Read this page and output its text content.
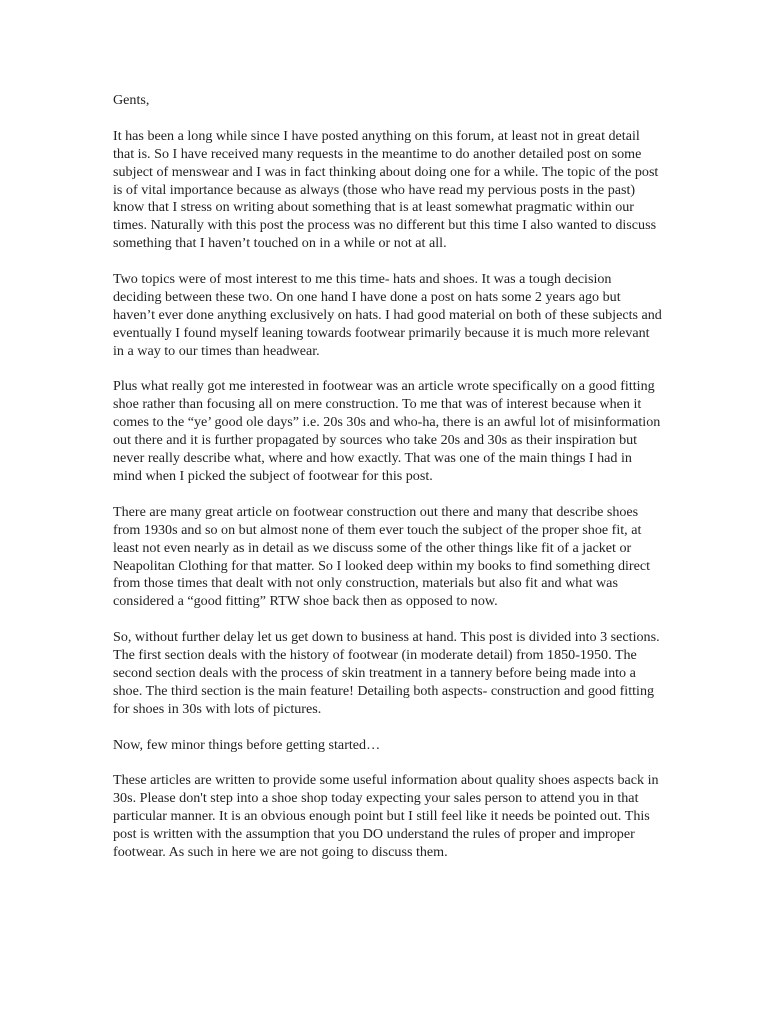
Gents,

It has been a long while since I have posted anything on this forum, at least not in great detail that is. So I have received many requests in the meantime to do another detailed post on some subject of menswear and I was in fact thinking about doing one for a while. The topic of the post is of vital importance because as always (those who have read my pervious posts in the past) know that I stress on writing about something that is at least somewhat pragmatic within our times. Naturally with this post the process was no different but this time I also wanted to discuss something that I haven’t touched on in a while or not at all.

Two topics were of most interest to me this time- hats and shoes. It was a tough decision deciding between these two. On one hand I have done a post on hats some 2 years ago but haven’t ever done anything exclusively on hats. I had good material on both of these subjects and eventually I found myself leaning towards footwear primarily because it is much more relevant in a way to our times than headwear.

Plus what really got me interested in footwear was an article wrote specifically on a good fitting shoe rather than focusing all on mere construction. To me that was of interest because when it comes to the “ye’ good ole days” i.e. 20s 30s and who-ha, there is an awful lot of misinformation out there and it is further propagated by sources who take 20s and 30s as their inspiration but never really describe what, where and how exactly. That was one of the main things I had in mind when I picked the subject of footwear for this post.

There are many great article on footwear construction out there and many that describe shoes from 1930s and so on but almost none of them ever touch the subject of the proper shoe fit, at least not even nearly as in detail as we discuss some of the other things like fit of a jacket or Neapolitan Clothing for that matter. So I looked deep within my books to find something direct from those times that dealt with not only construction, materials but also fit and what was considered a “good fitting” RTW shoe back then as opposed to now.

So, without further delay let us get down to business at hand. This post is divided into 3 sections. The first section deals with the history of footwear (in moderate detail) from 1850-1950. The second section deals with the process of skin treatment in a tannery before being made into a shoe. The third section is the main feature! Detailing both aspects- construction and good fitting for shoes in 30s with lots of pictures.

Now, few minor things before getting started…

These articles are written to provide some useful information about quality shoes aspects back in 30s. Please don't step into a shoe shop today expecting your sales person to attend you in that particular manner. It is an obvious enough point but I still feel like it needs be pointed out. This post is written with the assumption that you DO understand the rules of proper and improper footwear. As such in here we are not going to discuss them.
